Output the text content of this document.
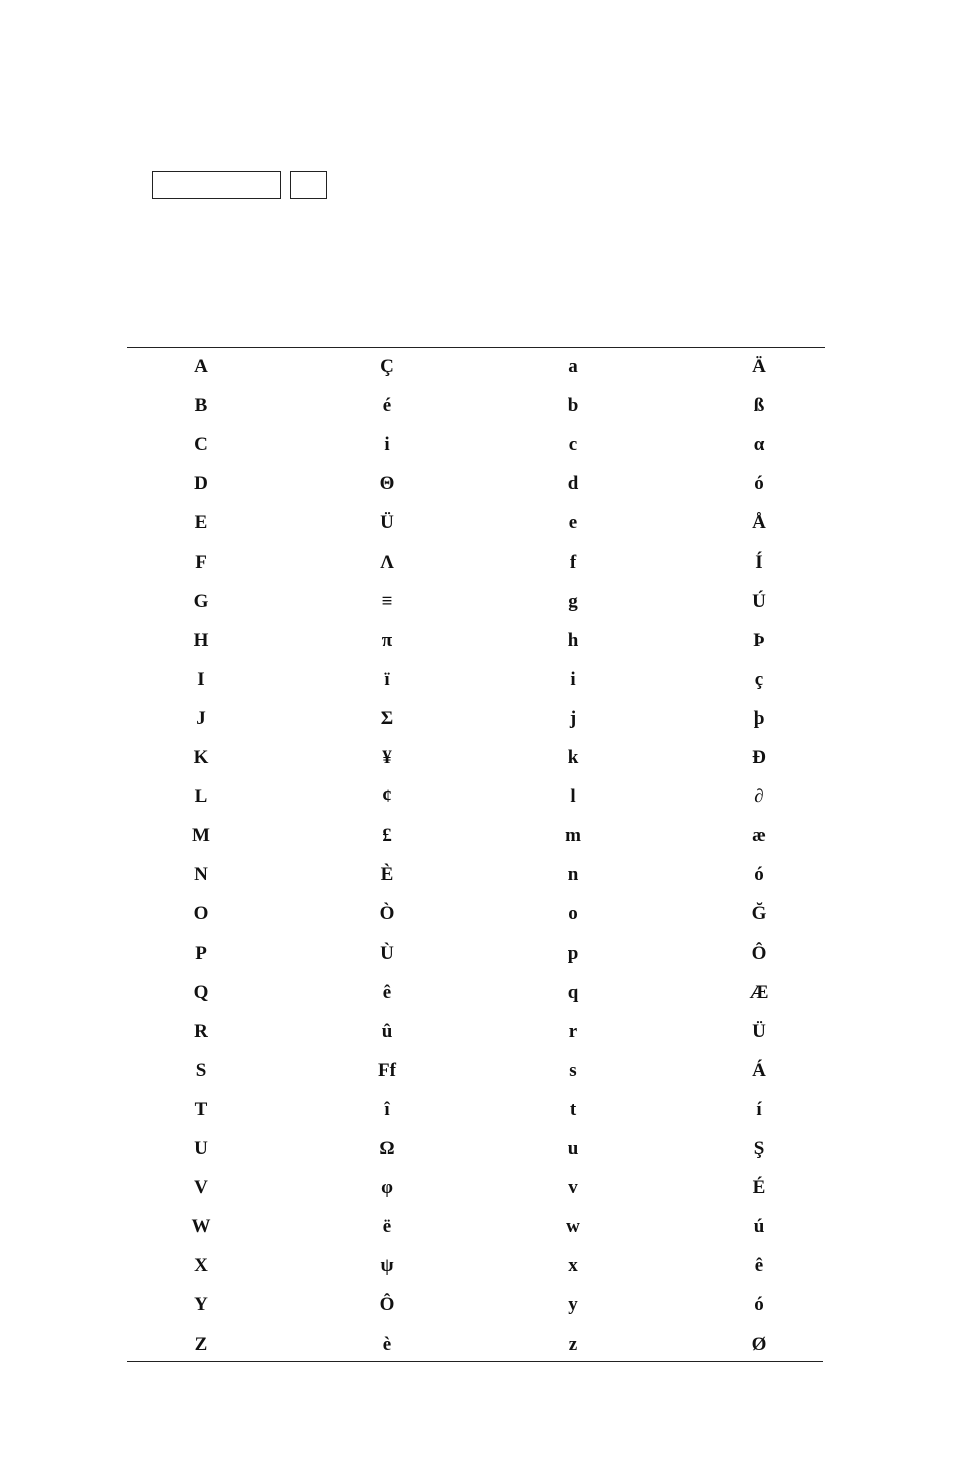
A	Ç	a	Ä
B	é	b	ß
C	i	c	α
D	Θ	d	ó
E	Ü	e	Å
F	Λ	f	Í
G	≡	g	Ú
H	π	h	Þ
I	ï	i	ç
J	Σ	j	þ
K	¥	k	Đ
L	¢	l	∂
M	£	m	æ
N	È	n	ó
O	Ò	o	Ğ
P	Ù	p	Ô
Q	ê	q	Æ
R	û	r	Ü
S	Ff	s	Á
T	î	t	í
U	Ω	u	Ş
V	φ	v	É
W	ë	w	ú
X	ψ	x	ê
Y	Ô	y	ó
Z	è	z	Ø
